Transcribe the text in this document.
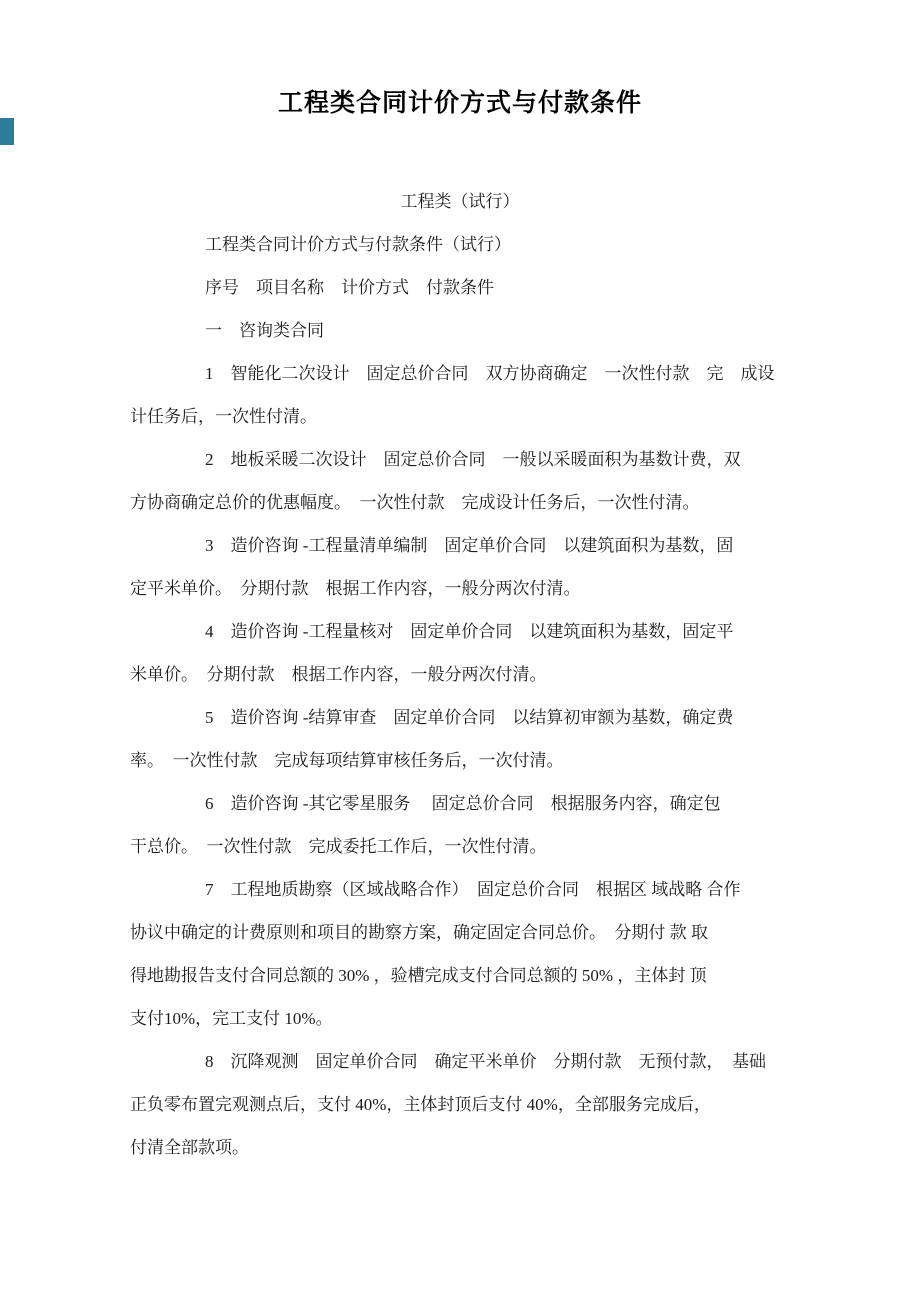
工程类合同计价方式与付款条件

工程类（试行）

工程类合同计价方式与付款条件（试行）

序号　项目名称　计价方式　付款条件

一　咨询类合同

1　智能化二次设计　固定总价合同　双方协商确定　一次性付款　完　成设

计任务后，一次性付清。

2　地板采暖二次设计　固定总价合同　一般以采暖面积为基数计费，双

方协商确定总价的优惠幅度。　一次性付款　完成设计任务后，一次性付清。

3　造价咨询 -工程量清单编制　固定单价合同　以建筑面积为基数，固

定平米单价。　分期付款　根据工作内容，一般分两次付清。

4　造价咨询 -工程量核对　固定单价合同　以建筑面积为基数，固定平

米单价。　分期付款　根据工作内容，一般分两次付清。

5　造价咨询 -结算审查　固定单价合同　以结算初审额为基数，确定费

率。　一次性付款　完成每项结算审核任务后，一次付清。

6　造价咨询 -其它零星服务　 固定总价合同　根据服务内容，确定包

干总价。　一次性付款　完成委托工作后，一次性付清。

7　工程地质勘察（区域战略合作）　固定总价合同　根据区 域战略 合作

协议中确定的计费原则和项目的勘察方案，确定固定合同总价。　分期付 款 取

得地勘报告支付合同总额的 30% ，验槽完成支付合同总额的 50% ，主体封 顶

支付10%，完工支付 10%。

8　沉降观测　固定单价合同　确定平米单价　分期付款　无预付款，　基础

正负零布置完观测点后，支付 40%，主体封顶后支付 40%，全部服务完成后，

付清全部款项。
